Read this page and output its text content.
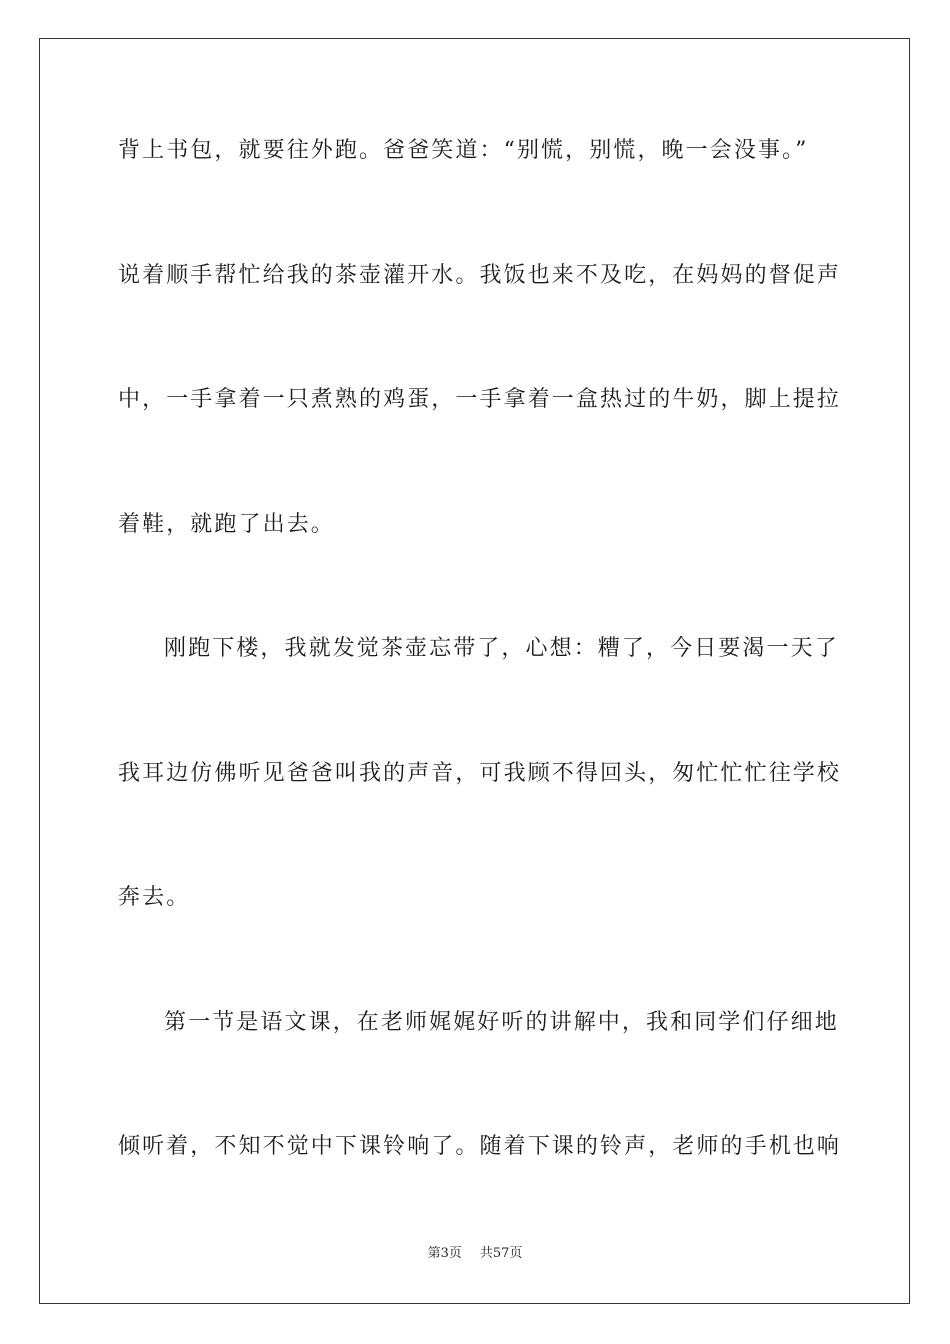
背上书包，就要往外跑。爸爸笑道：“别慌，别慌，晚一会没事。”
说着顺手帮忙给我的茶壶灌开水。我饭也来不及吃，在妈妈的督促声
中，一手拿着一只煮熟的鸡蛋，一手拿着一盒热过的牛奶，脚上提拉
着鞋，就跑了出去。
刚跑下楼，我就发觉茶壶忘带了，心想：糟了，今日要渴一天了
我耳边仿佛听见爸爸叫我的声音，可我顾不得回头，匆忙忙忙往学校
奔去。
第一节是语文课，在老师娓娓好听的讲解中，我和同学们仔细地
倾听着，不知不觉中下课铃响了。随着下课的铃声，老师的手机也响
第3页 共57页
